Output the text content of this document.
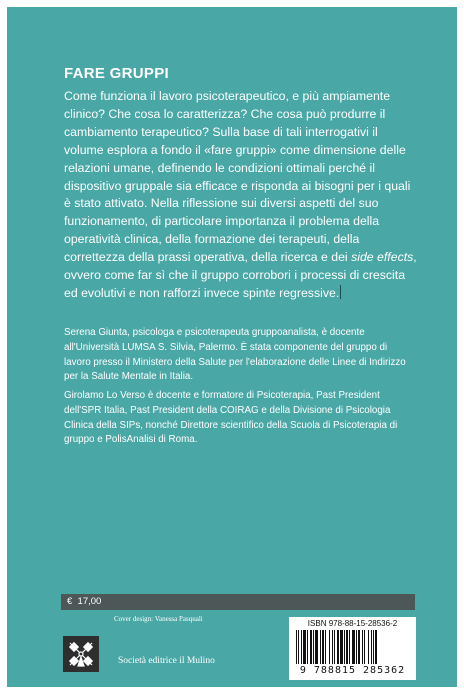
FARE GRUPPI

Come funziona il lavoro psicoterapeutico, e più ampiamente clinico? Che cosa lo caratterizza? Che cosa può produrre il cambiamento terapeutico? Sulla base di tali interrogativi il volume esplora a fondo il «fare gruppi» come dimensione delle relazioni umane, definendo le condizioni ottimali perché il dispositivo gruppale sia efficace e risponda ai bisogni per i quali è stato attivato. Nella riflessione sui diversi aspetti del suo funzionamento, di particolare importanza il problema della operatività clinica, della formazione dei terapeuti, della correttezza della prassi operativa, della ricerca e dei side effects, ovvero come far sì che il gruppo corrobori i processi di crescita ed evolutivi e non rafforzi invece spinte regressive.

Serena Giunta, psicologa e psicoterapeuta gruppoanalista, è docente all'Università LUMSA S. Silvia, Palermo. È stata componente del gruppo di lavoro presso il Ministero della Salute per l'elaborazione delle Linee di Indirizzo per la Salute Mentale in Italia.

Girolamo Lo Verso è docente e formatore di Psicoterapia, Past President dell'SPR Italia, Past President della COIRAG e della Divisione di Psicologia Clinica della SIPs, nonché Direttore scientifico della Scuola di Psicoterapia di gruppo e PolisAnalisi di Roma.

€  17,00
Cover design: Vanessa Pasquali
Società editrice il Mulino
ISBN 978-88-15-28536-2
9 788815 285362
